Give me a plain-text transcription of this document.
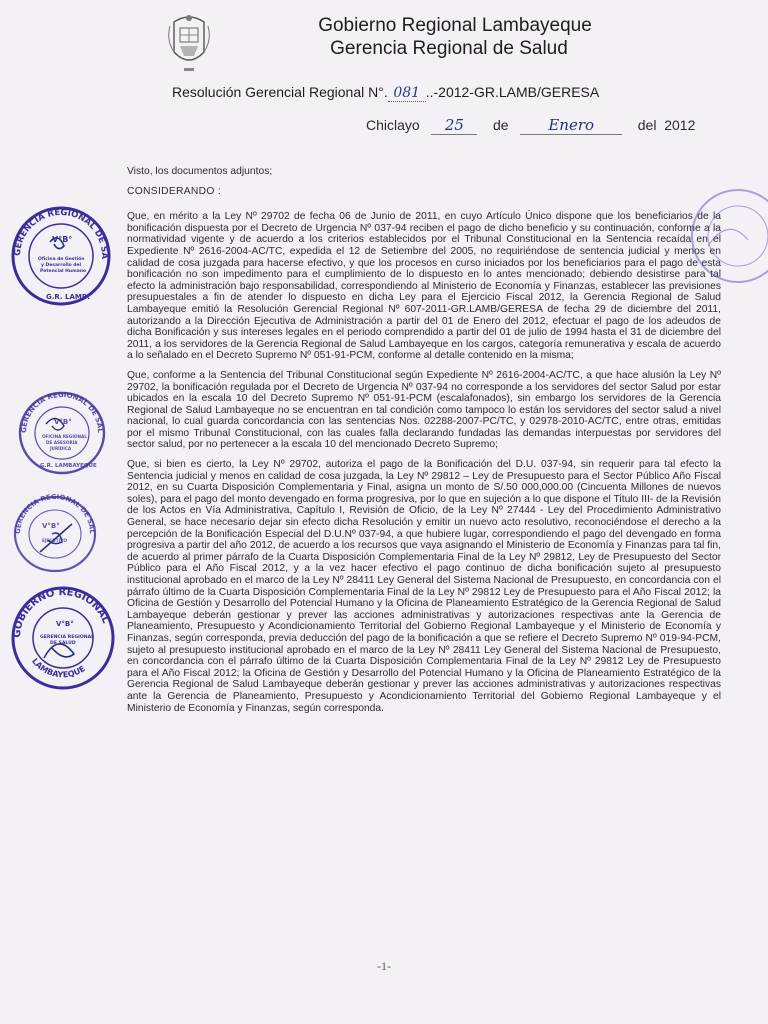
Gobierno Regional Lambayeque
Gerencia Regional de Salud
Resolución Gerencial Regional N°. 081 ..-2012-GR.LAMB/GERESA
Chiclayo 25 de	Enero	del 2012

Visto, los documentos adjuntos;

CONSIDERANDO :

Que, en mérito a la Ley Nº 29702 de fecha 06 de Junio de 2011, en cuyo Artículo Único dispone que los beneficiarios de la bonificación dispuesta por el Decreto de Urgencia Nº 037-94 reciben el pago de dicho beneficio y su continuación, conforme a la normatividad vigente y de acuerdo a los criterios establecidos por el Tribunal Constitucional en la Sentencia recaída en el Expediente Nº 2616-2004-AC/TC, expedida el 12 de Setiembre del 2005, no requiriéndose de sentencia judicial y menos en calidad de cosa juzgada para hacerse efectivo, y que los procesos en curso iniciados por los beneficiarios para el pago de esta bonificación no son impedimento para el cumplimiento de lo dispuesto en lo antes mencionado; debiendo desistirse para tal efecto la administración bajo responsabilidad, correspondiendo al Ministerio de Economía y Finanzas, establecer las previsiones presupuestales a fin de atender lo dispuesto en dicha Ley para el Ejercicio Fiscal 2012, la Gerencia Regional de Salud Lambayeque emitió la Resolución Gerencial Regional Nº 607-2011-GR.LAMB/GERESA de fecha 29 de diciembre del 2011, autorizando a la Dirección Ejecutiva de Administración a partir del 01 de Enero del 2012, efectuar el pago de los adeudos de dicha Bonificación y sus intereses legales en el periodo comprendido a partir del 01 de julio de 1994 hasta el 31 de diciembre del 2011, a los servidores de la Gerencia Regional de Salud Lambayeque en los cargos, categoría remunerativa y escala de acuerdo a lo señalado en el Decreto Supremo Nº 051-91-PCM, conforme al detalle contenido en la misma;

Que, conforme a la Sentencia del Tribunal Constitucional según Expediente Nº 2616-2004-AC/TC, a que hace alusión la Ley Nº 29702, la bonificación regulada por el Decreto de Urgencia Nº 037-94 no corresponde a los servidores del sector Salud por estar ubicados en la escala 10 del Decreto Supremo Nº 051-91-PCM (escalafonados), sin embargo los servidores de la Gerencia Regional de Salud Lambayeque no se encuentran en tal condición como tampoco lo están los servidores del sector salud a nivel nacional, lo cual guarda concordancia con las sentencias Nos. 02288-2007-PC/TC, y 02978-2010-AC/TC, entre otras, emitidas por el mismo Tribunal Constitucional, con las cuales falla declarando fundadas las demandas interpuestas por servidores del sector salud, por no pertenecer a la escala 10 del mencionado Decreto Supremo;

Que, si bien es cierto, la Ley Nº 29702, autoriza el pago de la Bonificación del D.U. 037-94, sin requerir para tal efecto la Sentencia judicial y menos en calidad de cosa juzgada, la Ley Nº 29812 – Ley de Presupuesto para el Sector Público Año Fiscal 2012, en su Cuarta Disposición Complementaria y Final, asigna un monto de S/.50 000,000.00 (Cincuenta Millones de nuevos soles), para el pago del monto devengado en forma progresiva, por lo que en sujeción a lo que dispone el Titulo III- de la Revisión de los Actos en Vía Administrativa, Capítulo I, Revisión de Oficio, de la Ley Nº 27444 - Ley del Procedimiento Administrativo General, se hace necesario dejar sin efecto dicha Resolución y emitir un nuevo acto resolutivo, reconociéndose el derecho a la percepción de la Bonificación Especial del D.U.Nº 037-94, a que hubiere lugar, correspondiendo el pago del devengado en forma progresiva a partir del año 2012, de acuerdo a los recursos que vaya asignando el Ministerio de Economía y Finanzas para tal fin, de acuerdo al primer párrafo de la Cuarta Disposición Complementaria Final de la Ley Nº 29812, Ley de Presupuesto del Sector Público para el Año Fiscal 2012, y a la vez hacer efectivo el pago continuo de dicha bonificación sujeto al presupuesto institucional aprobado en el marco de la Ley Nº 28411 Ley General del Sistema Nacional de Presupuesto, en concordancia con el párrafo último de la Cuarta Disposición Complementaria Final de la Ley Nº 29812 Ley de Presupuesto para el Año Fiscal 2012; la Oficina de Gestión y Desarrollo del Potencial Humano y la Oficina de Planeamiento Estratégico de la Gerencia Regional de Salud Lambayeque deberán gestionar y prever las acciones administrativas y autorizaciones respectivas ante la Gerencia de Planeamiento, Presupuesto y Acondicionamiento Territorial del Gobierno Regional Lambayeque y el Ministerio de Economía y Finanzas, según corresponda, previa deducción del pago de la bonificación a que se refiere el Decreto Supremo Nº 019-94-PCM, sujeto al presupuesto institucional aprobado en el marco de la Ley Nº 28411 Ley General del Sistema Nacional de Presupuesto, en concordancia con el párrafo último de la Cuarta Disposición Complementaria Final de la Ley Nº 29812 Ley de Presupuesto para el Año Fiscal 2012; la Oficina de Gestión y Desarrollo del Potencial Humano y la Oficina de Planeamiento Estratégico de la Gerencia Regional de Salud Lambayeque deberán gestionar y prever las acciones administrativas y autorizaciones respectivas ante la Gerencia de Planeamiento, Presupuesto y Acondicionamiento Territorial del Gobierno Regional Lambayeque y el Ministerio de Economía y Finanzas, según corresponda.

-1-
GERENCIA REGIONAL DE SALUD
V°B°
Oficina de Gestión
y Desarrollo del
Potencial Humano
G.R. LAMB.
GERENCIA REGIONAL DE SALUD
V°B°
OFICINA REGIONAL
DE ASESORÍA
JURÍDICA
G.R. LAMBAYEQUE
GERENCIA REGIONAL DE SALUD
V°B°
EJECUTIVO
GOBIERNO REGIONAL
LAMBAYEQUE
V°B°
GERENCIA REGIONAL
DE SALUD
